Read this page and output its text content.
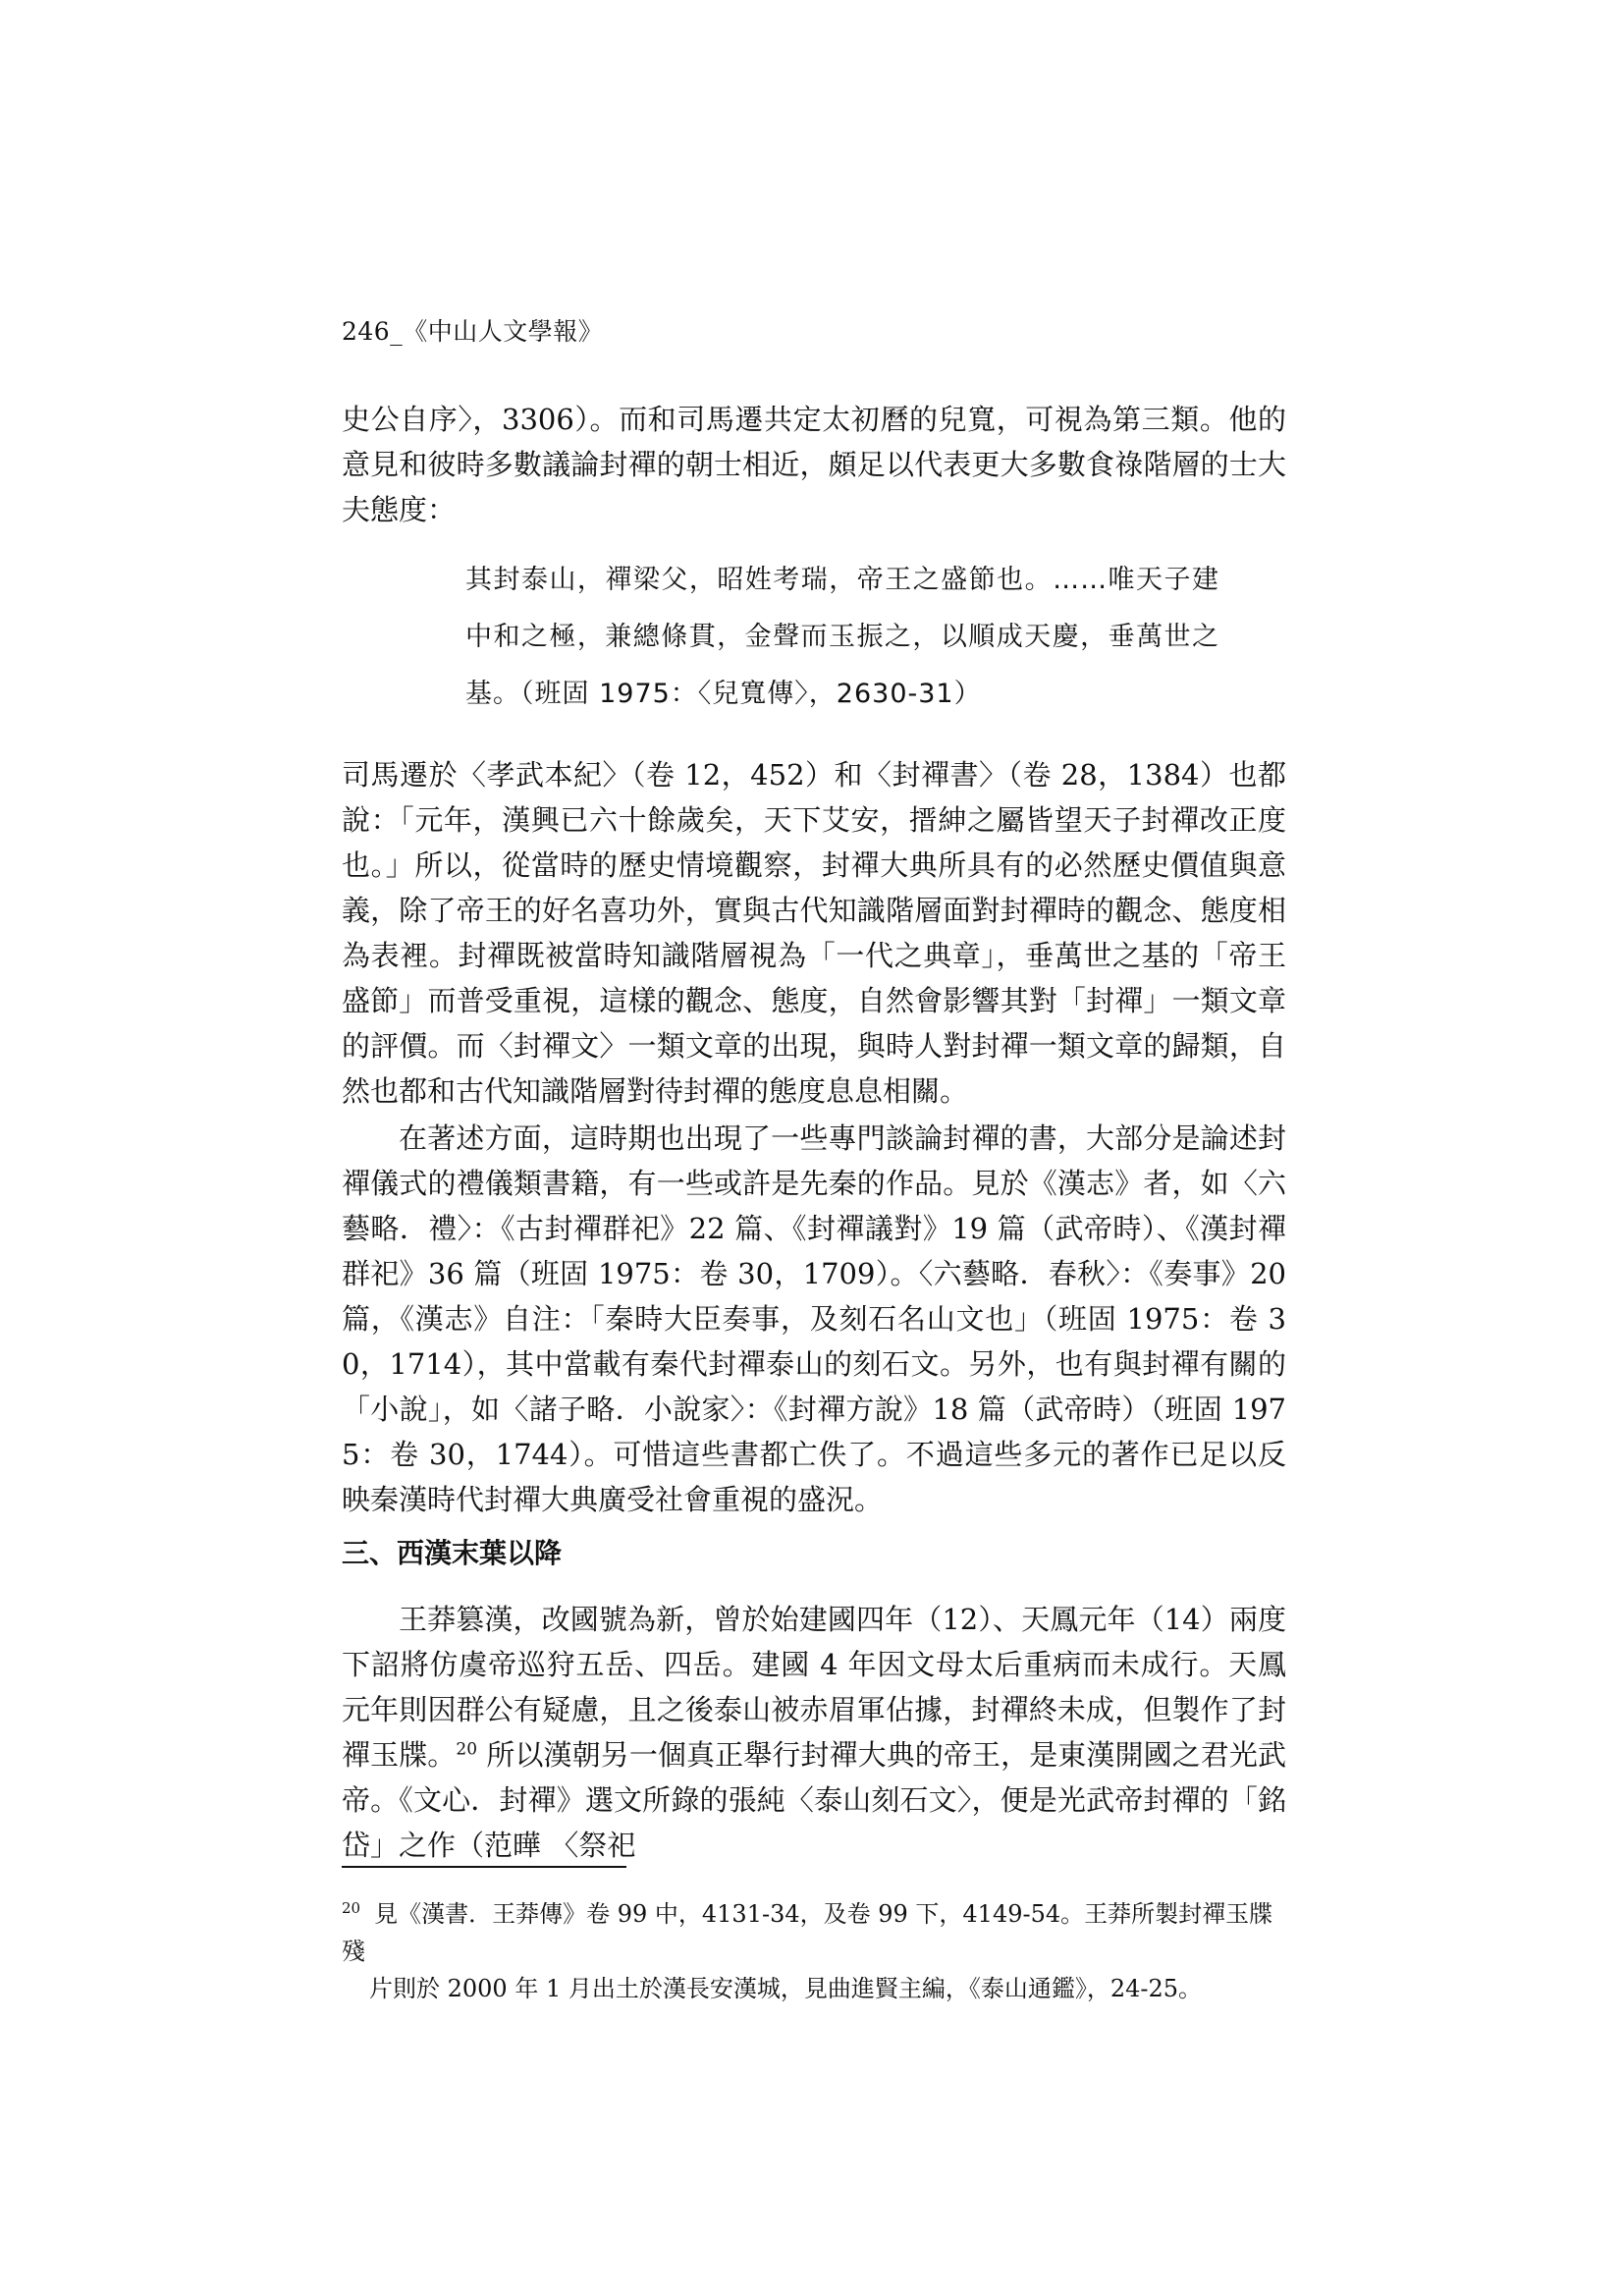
246_《中山人文學報》

史公自序〉，3306）。而和司馬遷共定太初曆的兒寬，可視為第三類。他的意見和彼時多數議論封禪的朝士相近，頗足以代表更大多數食祿階層的士大夫態度：

其封泰山，禪梁父，昭姓考瑞，帝王之盛節也。……唯天子建中和之極，兼總條貫，金聲而玉振之，以順成天慶，垂萬世之基。（班固 1975：〈兒寬傳〉，2630-31）

司馬遷於〈孝武本紀〉（卷 12，452）和〈封禪書〉（卷 28，1384）也都說：「元年，漢興已六十餘歲矣，天下艾安，搢紳之屬皆望天子封禪改正度也。」所以，從當時的歷史情境觀察，封禪大典所具有的必然歷史價值與意義，除了帝王的好名喜功外，實與古代知識階層面對封禪時的觀念、態度相為表裡。封禪既被當時知識階層視為「一代之典章」，垂萬世之基的「帝王盛節」而普受重視，這樣的觀念、態度，自然會影響其對「封禪」一類文章的評價。而〈封禪文〉一類文章的出現，與時人對封禪一類文章的歸類，自然也都和古代知識階層對待封禪的態度息息相關。

在著述方面，這時期也出現了一些專門談論封禪的書，大部分是論述封禪儀式的禮儀類書籍，有一些或許是先秦的作品。見於《漢志》者，如〈六藝略．禮〉：《古封禪群祀》22 篇、《封禪議對》19 篇（武帝時）、《漢封禪群祀》36 篇（班固 1975：卷 30，1709）。〈六藝略．春秋〉：《奏事》20 篇，《漢志》自注：「秦時大臣奏事，及刻石名山文也」（班固 1975：卷 30，1714），其中當載有秦代封禪泰山的刻石文。另外，也有與封禪有關的「小說」，如〈諸子略．小說家〉：《封禪方說》18 篇（武帝時）（班固 1975：卷 30，1744）。可惜這些書都亡佚了。不過這些多元的著作已足以反映秦漢時代封禪大典廣受社會重視的盛況。

三、西漢末葉以降

王莽篡漢，改國號為新，曾於始建國四年（12）、天鳳元年（14）兩度下詔將仿虞帝巡狩五岳、四岳。建國 4 年因文母太后重病而未成行。天鳳元年則因群公有疑慮，且之後泰山被赤眉軍佔據，封禪終未成，但製作了封禪玉牒。$^{20}$ 所以漢朝另一個真正舉行封禪大典的帝王，是東漢開國之君光武帝。《文心．封禪》選文所錄的張純〈泰山刻石文〉，便是光武帝封禪的「銘岱」之作（范曄 〈祭祀

$^{20}$ 見《漢書．王莽傳》卷 99 中，4131-34，及卷 99 下，4149-54。王莽所製封禪玉牒殘
片則於 2000 年 1 月出土於漢長安漢城，見曲進賢主編，《泰山通鑑》，24-25。
